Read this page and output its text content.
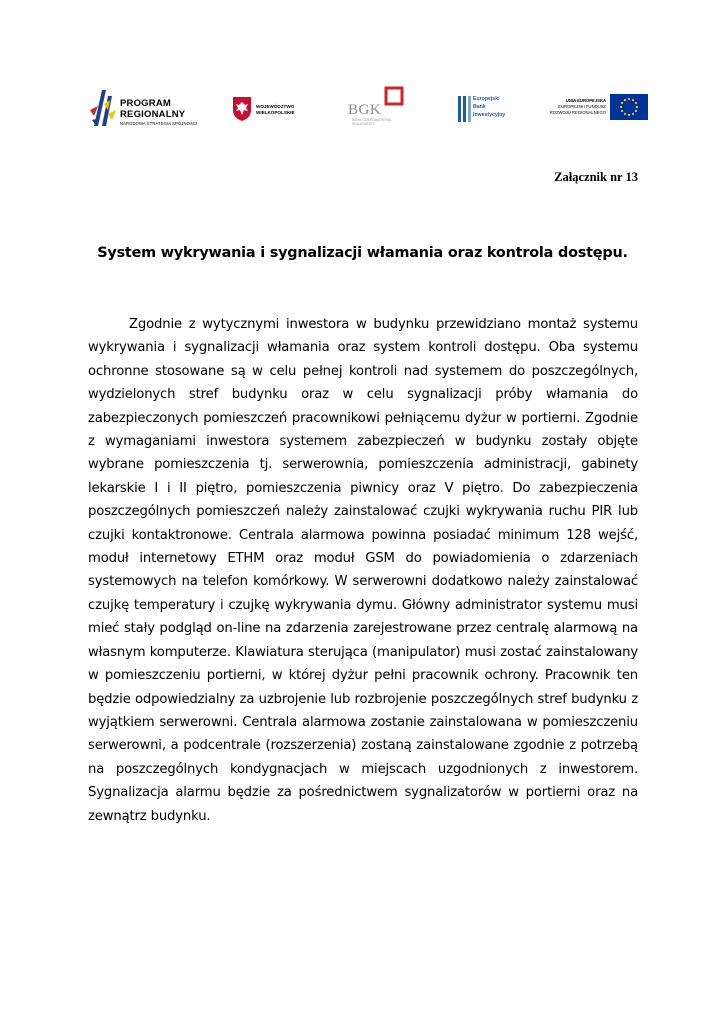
PROGRAM
REGIONALNY
NARODOWA STRATEGIA SPÓJNOŚCI
WOJEWÓDZTWO
WIELKOPOLSKIE	BGK
BANK GOSPODARSTWA KRAJOWEGO
Europejski
Bank
Inwestycyjny
UNIA EUROPEJSKA
EUROPEJSKI FUNDUSZ
ROZWOJU REGIONALNEGO
Załącznik nr 13
System wykrywania i sygnalizacji włamania oraz kontrola dostępu.

Zgodnie z wytycznymi inwestora w budynku przewidziano montaż systemu wykrywania i sygnalizacji włamania oraz system kontroli dostępu. Oba systemu ochronne stosowane są w celu pełnej kontroli nad systemem do poszczególnych, wydzielonych stref budynku oraz w celu sygnalizacji próby włamania do zabezpieczonych pomieszczeń pracownikowi pełniącemu dyżur w portierni. Zgodnie z wymaganiami inwestora systemem zabezpieczeń w budynku zostały objęte wybrane pomieszczenia tj. serwerownia, pomieszczenia administracji, gabinety lekarskie I i II piętro, pomieszczenia piwnicy oraz V piętro. Do zabezpieczenia poszczególnych pomieszczeń należy zainstalować czujki wykrywania ruchu PIR lub czujki kontaktronowe. Centrala alarmowa powinna posiadać minimum 128 wejść, moduł internetowy ETHM oraz moduł GSM do powiadomienia o zdarzeniach systemowych na telefon komórkowy. W serwerowni dodatkowo należy zainstalować czujkę temperatury i czujkę wykrywania dymu. Główny administrator systemu musi mieć stały podgląd on-line na zdarzenia zarejestrowane przez centralę alarmową na własnym komputerze. Klawiatura sterująca (manipulator) musi zostać zainstalowany w pomieszczeniu portierni, w której dyżur pełni pracownik ochrony. Pracownik ten będzie odpowiedzialny za uzbrojenie lub rozbrojenie poszczególnych stref budynku z wyjątkiem serwerowni. Centrala alarmowa zostanie zainstalowana w pomieszczeniu serwerowni, a podcentrale (rozszerzenia) zostaną zainstalowane zgodnie z potrzebą na poszczególnych kondygnacjach w miejscach uzgodnionych z inwestorem. Sygnalizacja alarmu będzie za pośrednictwem sygnalizatorów w portierni oraz na zewnątrz budynku.
